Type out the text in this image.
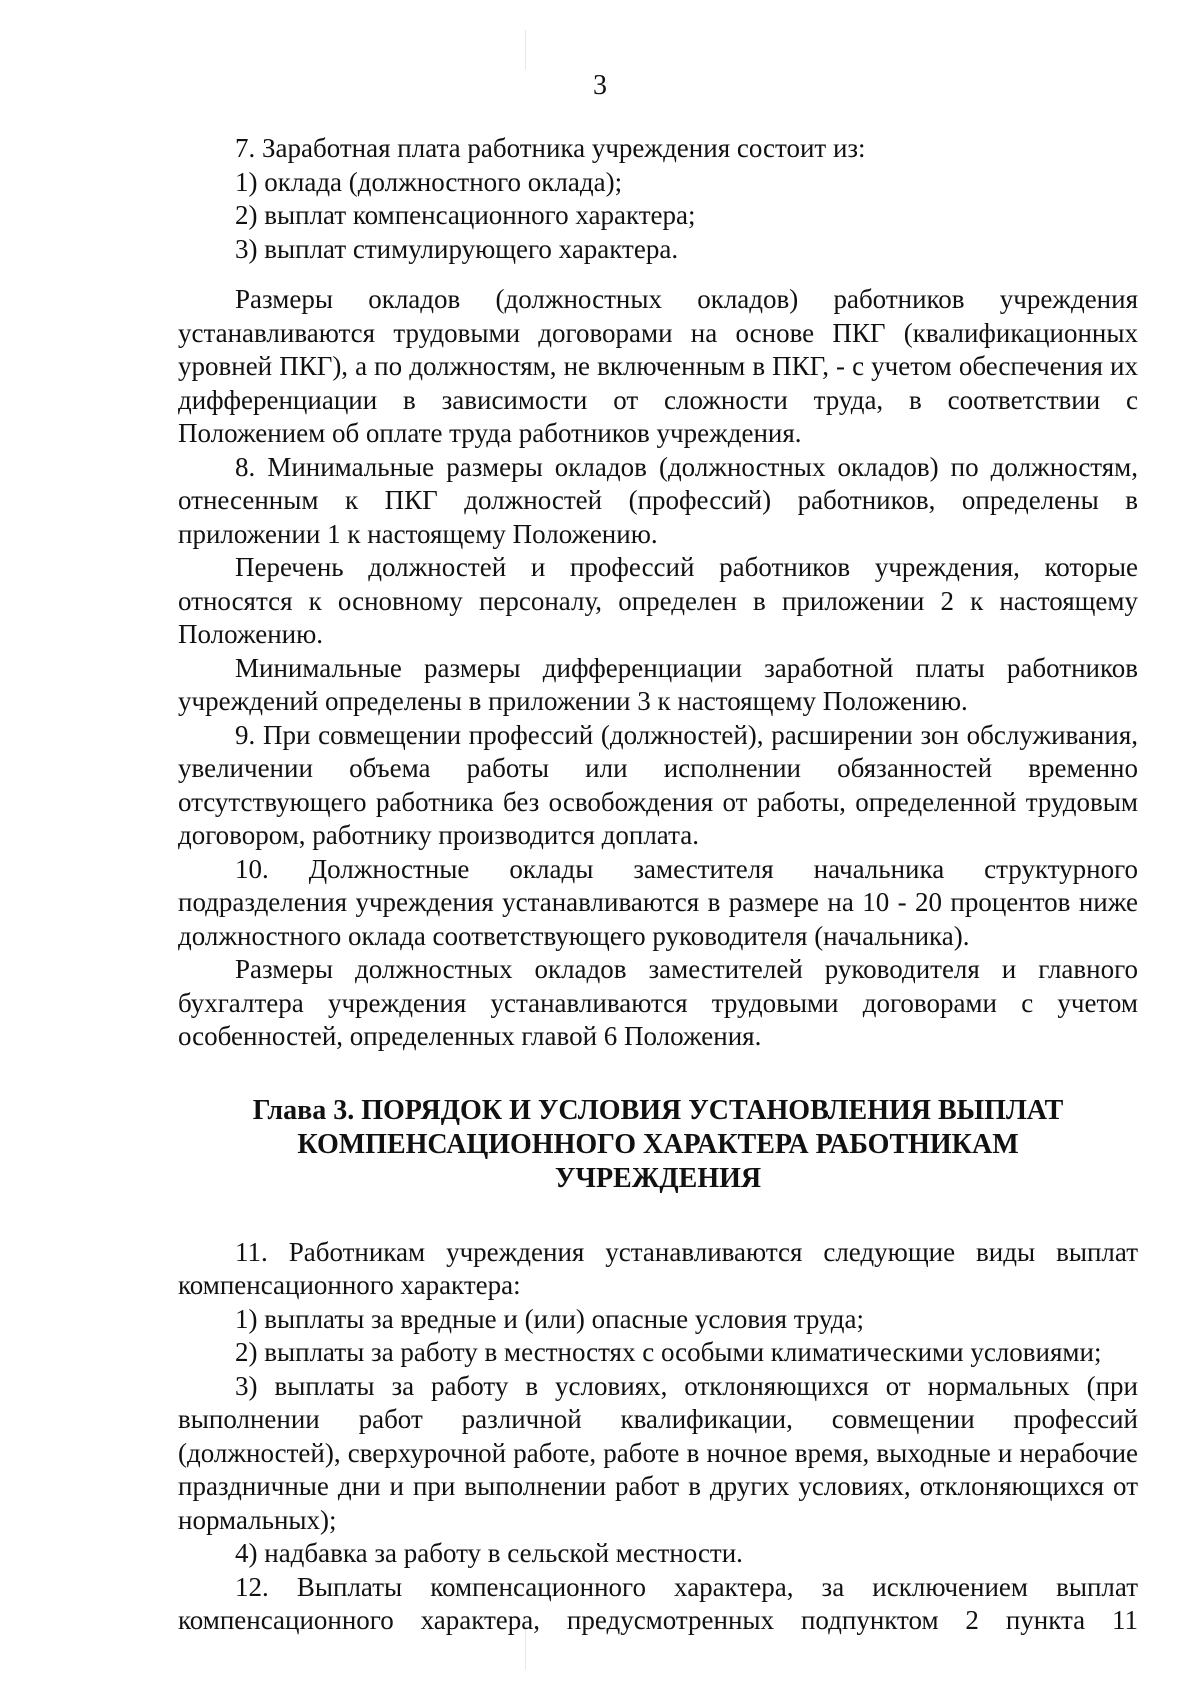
3

7. Заработная плата работника учреждения состоит из:

1) оклада (должностного оклада);

2) выплат компенсационного характера;

3) выплат стимулирующего характера.

Размеры окладов (должностных окладов) работников учреждения устанавливаются трудовыми договорами на основе ПКГ (квалификационных уровней ПКГ), а по должностям, не включенным в ПКГ, - с учетом обеспечения их дифференциации в зависимости от сложности труда, в соответствии с Положением об оплате труда работников учреждения.

8. Минимальные размеры окладов (должностных окладов) по должностям, отнесенным к ПКГ должностей (профессий) работников, определены в приложении 1 к настоящему Положению.

Перечень должностей и профессий работников учреждения, которые относятся к основному персоналу, определен в приложении 2 к настоящему Положению.

Минимальные размеры дифференциации заработной платы работников учреждений определены в приложении 3 к настоящему Положению.

9. При совмещении профессий (должностей), расширении зон обслуживания, увеличении объема работы или исполнении обязанностей временно отсутствующего работника без освобождения от работы, определенной трудовым договором, работнику производится доплата.

10. Должностные оклады заместителя начальника структурного подразделения учреждения устанавливаются в размере на 10 - 20 процентов ниже должностного оклада соответствующего руководителя (начальника).

Размеры должностных окладов заместителей руководителя и главного бухгалтера учреждения устанавливаются трудовыми договорами с учетом особенностей, определенных главой 6 Положения.

Глава 3. ПОРЯДОК И УСЛОВИЯ УСТАНОВЛЕНИЯ ВЫПЛАТ
КОМПЕНСАЦИОННОГО ХАРАКТЕРА РАБОТНИКАМ
УЧРЕЖДЕНИЯ

11. Работникам учреждения устанавливаются следующие виды выплат компенсационного характера:

1) выплаты за вредные и (или) опасные условия труда;

2) выплаты за работу в местностях с особыми климатическими условиями;

3) выплаты за работу в условиях, отклоняющихся от нормальных (при выполнении работ различной квалификации, совмещении профессий (должностей), сверхурочной работе, работе в ночное время, выходные и нерабочие праздничные дни и при выполнении работ в других условиях, отклоняющихся от нормальных);

4) надбавка за работу в сельской местности.

12. Выплаты компенсационного характера, за исключением выплат компенсационного характера, предусмотренных подпунктом 2 пункта 11
